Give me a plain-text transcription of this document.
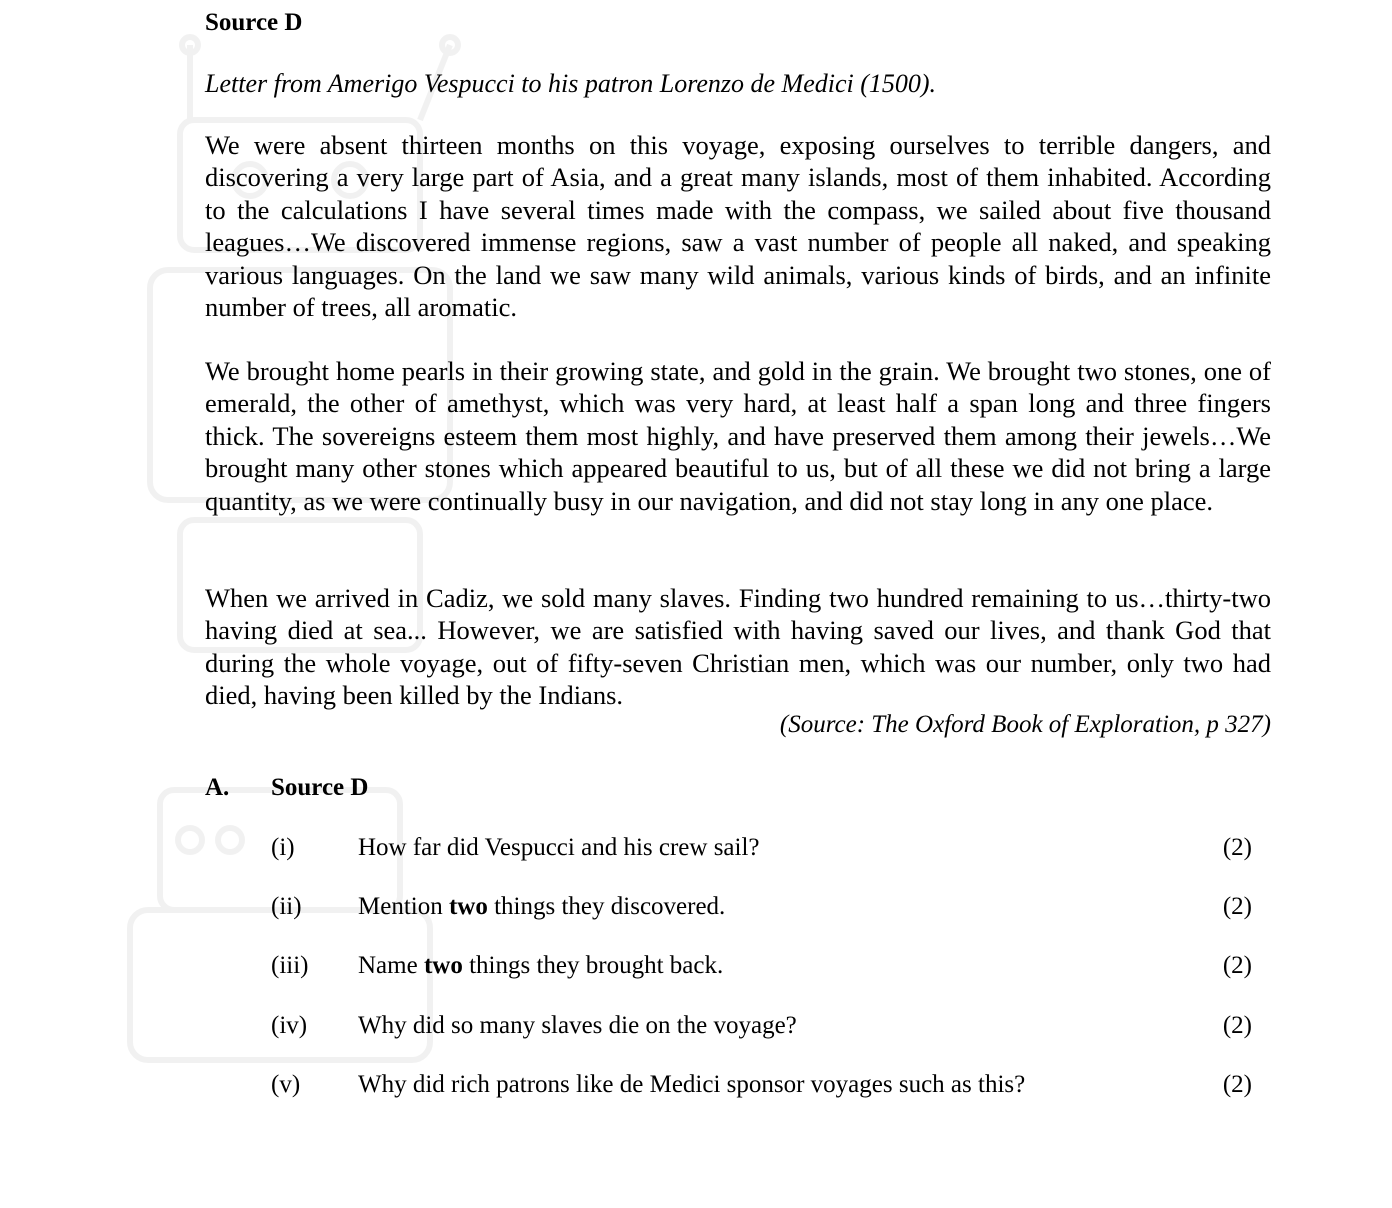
Source D
Letter from Amerigo Vespucci to his patron Lorenzo de Medici (1500).

We were absent thirteen months on this voyage, exposing ourselves to terrible dangers, and discovering a very large part of Asia, and a great many islands, most of them inhabited. According to the calculations I have several times made with the compass, we sailed about five thousand leagues…We discovered immense regions, saw a vast number of people all naked, and speaking various languages. On the land we saw many wild animals, various kinds of birds, and an infinite number of trees, all aromatic.

We brought home pearls in their growing state, and gold in the grain. We brought two stones, one of emerald, the other of amethyst, which was very hard, at least half a span long and three fingers thick. The sovereigns esteem them most highly, and have preserved them among their jewels…We brought many other stones which appeared beautiful to us, but of all these we did not bring a large quantity, as we were continually busy in our navigation, and did not stay long in any one place.

When we arrived in Cadiz, we sold many slaves. Finding two hundred remaining to us…thirty-two having died at sea... However, we are satisfied with having saved our lives, and thank God that during the whole voyage, out of fifty-seven Christian men, which was our number, only two had died, having been killed by the Indians.

(Source: The Oxford Book of Exploration, p 327)
A. Source D
(i)	How far did Vespucci and his crew sail?	(2)
(ii) Mention two things they discovered.	(2)
(iii) Name two things they brought back.	(2)
(iv) Why did so many slaves die on the voyage?	(2)
(v) Why did rich patrons like de Medici sponsor voyages such as this?	(2)
